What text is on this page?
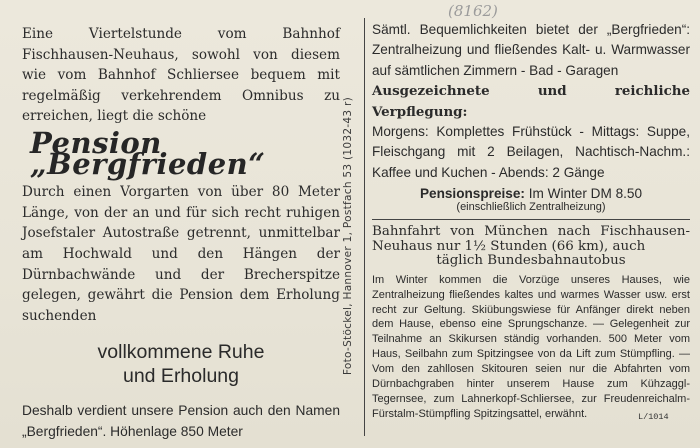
(8162)

Eine Viertelstunde vom Bahnhof Fischhausen-Neuhaus, sowohl von diesem wie vom Bahnhof Schliersee bequem mit regelmäßig verkehrendem Omnibus zu erreichen, liegt die schöne

Pension „Bergfrieden“

Durch einen Vorgarten von über 80 Meter Länge, von der an und für sich recht ruhigen Josefstaler Autostraße getrennt, unmittelbar am Hochwald und den Hängen der Dürnbachwände und der Brecherspitze gelegen, gewährt die Pension dem Erholung suchenden

vollkommene Ruhe
und Erholung

Deshalb verdient unsere Pension auch den Namen „Bergfrieden“. Höhenlage 850 Meter

Foto-Stöckel, Hannover 1, Postfach 53 (1032-43 r)

Sämtl. Bequemlichkeiten bietet der „Bergfrieden“: Zentralheizung und fließendes Kalt- u. Warmwasser auf sämtlichen Zimmern - Bad - Garagen

Ausgezeichnete und reichliche Verpflegung:

Morgens: Komplettes Frühstück - Mittags: Suppe, Fleischgang mit 2 Beilagen, Nachtisch-Nachm.: Kaffee und Kuchen - Abends: 2 Gänge

Pensionspreise: Im Winter DM 8.50
(einschließlich Zentralheizung)
Bahnfahrt von München nach Fischhausen-Neuhaus nur 1½ Stunden (66 km), auch
täglich Bundesbahnautobus
Im Winter kommen die Vorzüge unseres Hauses, wie Zentralheizung fließendes kaltes und warmes Wasser usw. erst recht zur Geltung. Skiübungswiese für Anfänger direkt neben dem Hause, ebenso eine Sprungschanze. — Gelegenheit zur Teilnahme an Skikursen ständig vorhanden. 500 Meter vom Haus, Seilbahn zum Spitzingsee von da Lift zum Stümpfling. — Vom den zahllosen Skitouren seien nur die Abfahrten vom Dürnbachgraben hinter unserem Hause zum Kühzaggl-Tegernsee, zum Lahnerkopf-Schliersee, zur Freudenreichalm-Fürstalm-Stümpfling Spitzingsattel, erwähnt.	L/1014
